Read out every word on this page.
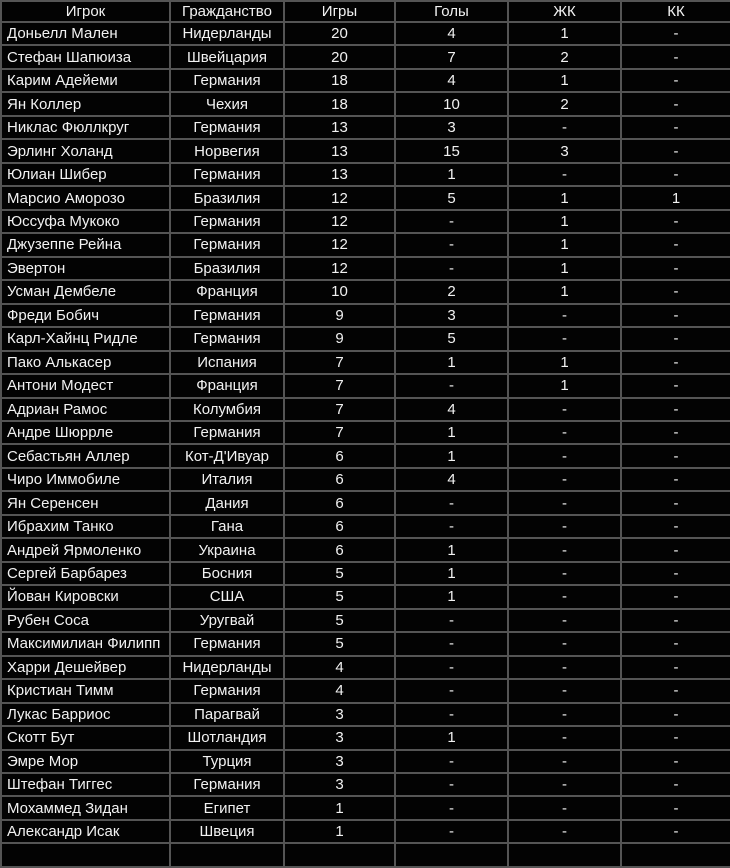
Игрок	Гражданство	Игры	Голы	ЖК	КК
Доньелл Мален	Нидерланды	20	4	1	-
Стефан Шапюиза	Швейцария	20	7	2	-
Карим Адейеми	Германия	18	4	1	-
Ян Коллер	Чехия	18	10	2	-
Никлас Фюллкруг	Германия	13	3	-	-
Эрлинг Холанд	Норвегия	13	15	3	-
Юлиан Шибер	Германия	13	1	-	-
Марсио Аморозо	Бразилия	12	5	1	1
Юссуфа Мукоко	Германия	12	-	1	-
Джузеппе Рейна	Германия	12	-	1	-
Эвертон	Бразилия	12	-	1	-
Усман Дембеле	Франция	10	2	1	-
Фреди Бобич	Германия	9	3	-	-
Карл-Хайнц Ридле	Германия	9	5	-	-
Пако Алькасер	Испания	7	1	1	-
Антони Модест	Франция	7	-	1	-
Адриан Рамос	Колумбия	7	4	-	-
Андре Шюррле	Германия	7	1	-	-
Себастьян Аллер	Кот-Д'Ивуар	6	1	-	-
Чиро Иммобиле	Италия	6	4	-	-
Ян Серенсен	Дания	6	-	-	-
Ибрахим Танко	Гана	6	-	-	-
Андрей Ярмоленко	Украина	6	1	-	-
Сергей Барбарез	Босния	5	1	-	-
Йован Кировски	США	5	1	-	-
Рубен Соса	Уругвай	5	-	-	-
Максимилиан Филипп	Германия	5	-	-	-
Харри Дешейвер	Нидерланды	4	-	-	-
Кристиан Тимм	Германия	4	-	-	-
Лукас Барриос	Парагвай	3	-	-	-
Скотт Бут	Шотландия	3	1	-	-
Эмре Мор	Турция	3	-	-	-
Штефан Тиггес	Германия	3	-	-	-
Мохаммед Зидан	Египет	1	-	-	-
Александр Исак	Швеция	1	-	-	-
